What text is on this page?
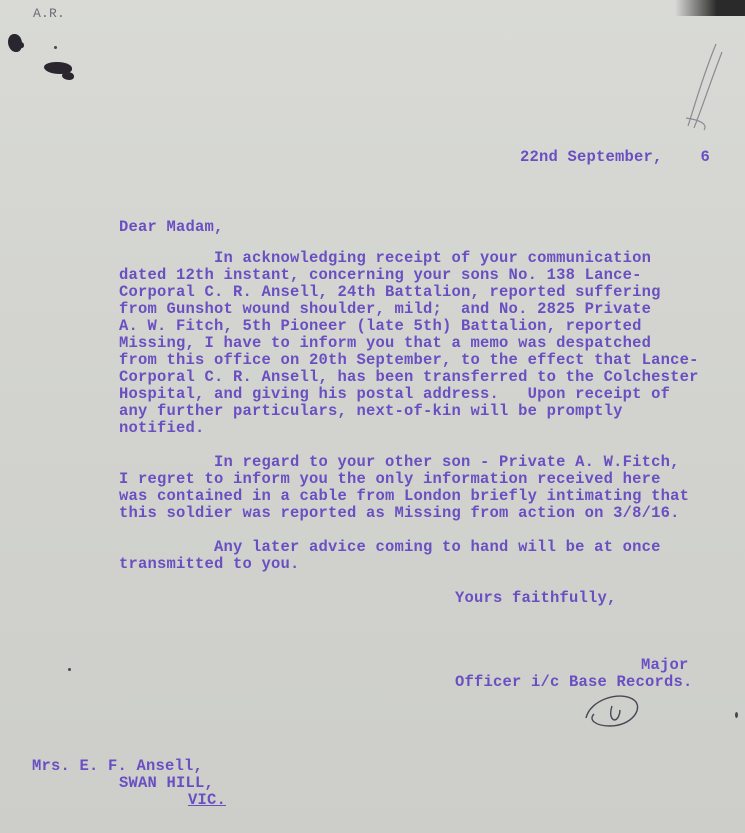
A.R.
22nd September,    6
Dear Madam,
In acknowledging receipt of your communication
dated 12th instant, concerning your sons No. 138 Lance-
Corporal C. R. Ansell, 24th Battalion, reported suffering
from Gunshot wound shoulder, mild;  and No. 2825 Private
A. W. Fitch, 5th Pioneer (late 5th) Battalion, reported
Missing, I have to inform you that a memo was despatched
from this office on 20th September, to the effect that Lance-
Corporal C. R. Ansell, has been transferred to the Colchester
Hospital, and giving his postal address.   Upon receipt of
any further particulars, next-of-kin will be promptly
notified.
In regard to your other son - Private A. W.Fitch,
I regret to inform you the only information received here
was contained in a cable from London briefly intimating that
this soldier was reported as Missing from action on 3/8/16.
Any later advice coming to hand will be at once
transmitted to you.
Yours faithfully,
Major
Officer i/c Base Records.
Mrs. E. F. Ansell,
SWAN HILL,
VIC.
